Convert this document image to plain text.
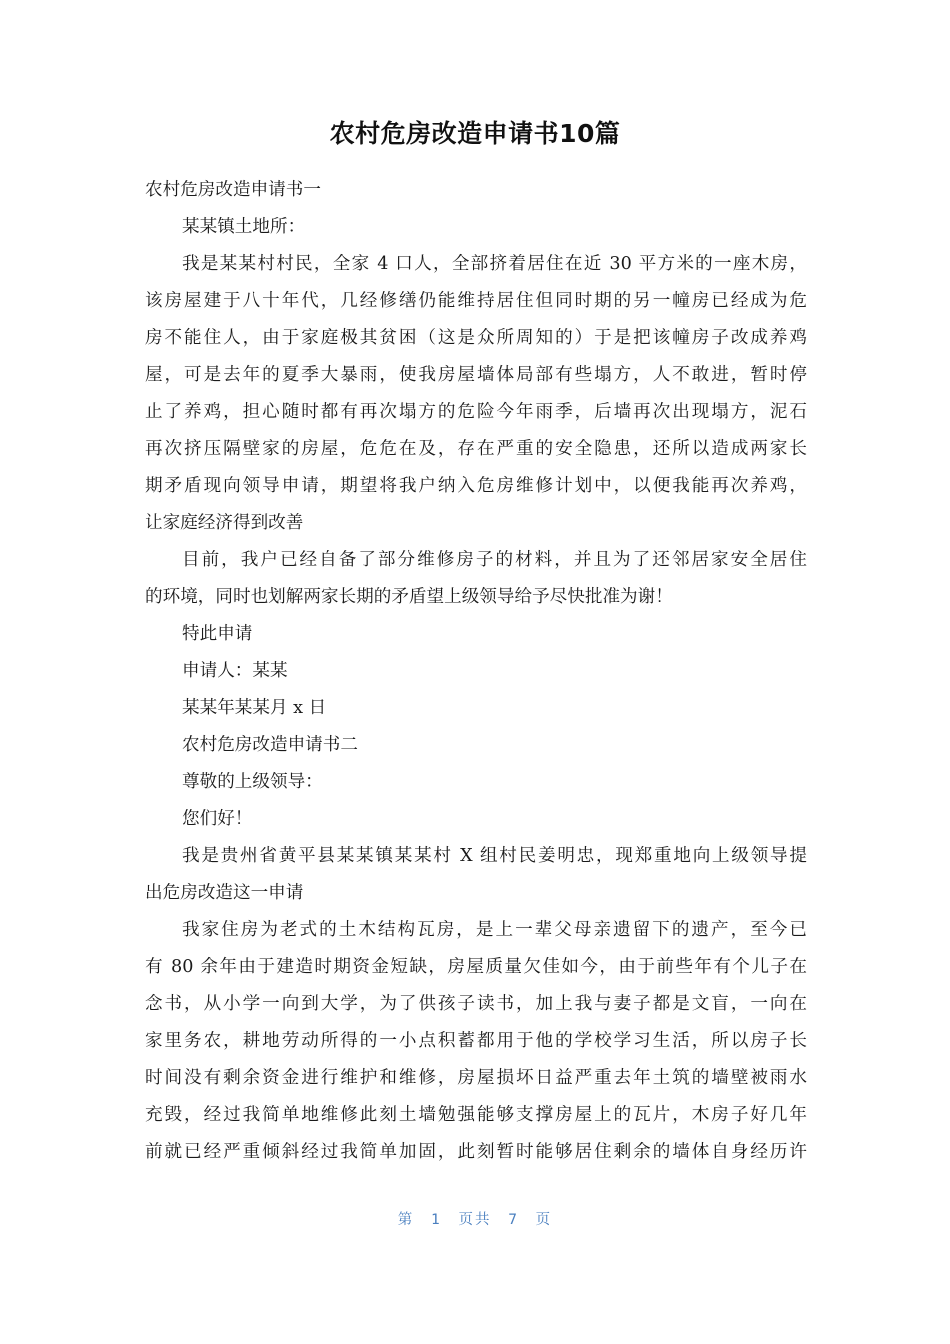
农村危房改造申请书10篇
农村危房改造申请书一
某某镇土地所：
我是某某村村民，全家 4 口人，全部挤着居住在近 30 平方米的一座木房，
该房屋建于八十年代，几经修缮仍能维持居住但同时期的另一幢房已经成为危
房不能住人，由于家庭极其贫困（这是众所周知的）于是把该幢房子改成养鸡
屋，可是去年的夏季大暴雨，使我房屋墙体局部有些塌方，人不敢进，暂时停
止了养鸡，担心随时都有再次塌方的危险今年雨季，后墙再次出现塌方，泥石
再次挤压隔壁家的房屋，危危在及，存在严重的安全隐患，还所以造成两家长
期矛盾现向领导申请，期望将我户纳入危房维修计划中，以便我能再次养鸡，
让家庭经济得到改善
目前，我户已经自备了部分维修房子的材料，并且为了还邻居家安全居住
的环境，同时也划解两家长期的矛盾望上级领导给予尽快批准为谢！
特此申请
申请人：某某
某某年某某月 x 日
农村危房改造申请书二
尊敬的上级领导：
您们好！
我是贵州省黄平县某某镇某某村 X 组村民姜明忠，现郑重地向上级领导提
出危房改造这一申请
我家住房为老式的土木结构瓦房，是上一辈父母亲遗留下的遗产，至今已
有 80 余年由于建造时期资金短缺，房屋质量欠佳如今，由于前些年有个儿子在
念书，从小学一向到大学，为了供孩子读书，加上我与妻子都是文盲，一向在
家里务农，耕地劳动所得的一小点积蓄都用于他的学校学习生活，所以房子长
时间没有剩余资金进行维护和维修，房屋损坏日益严重去年土筑的墙壁被雨水
充毁，经过我简单地维修此刻土墙勉强能够支撑房屋上的瓦片，木房子好几年
前就已经严重倾斜经过我简单加固，此刻暂时能够居住剩余的墙体自身经历许
第 1 页共 7 页
